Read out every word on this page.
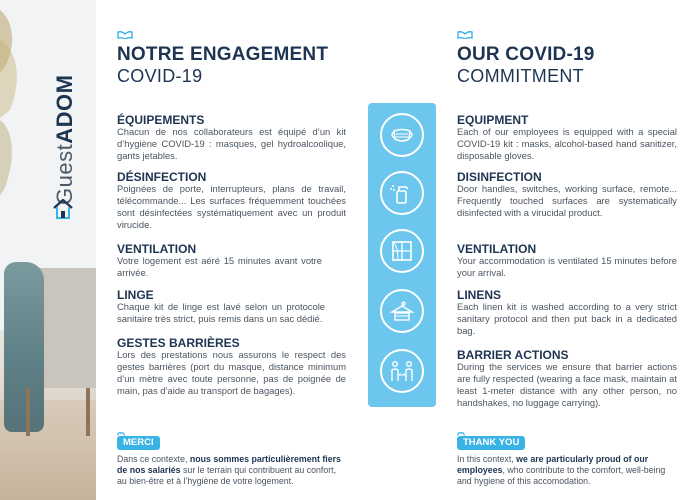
GuestADOM
NOTRE ENGAGEMENT
COVID-19
ÉQUIPEMENTS
Chacun de nos collaborateurs est équipé d’un kit d’hygiène COVID-19 : masques, gel hydroalcoolique, gants jetables.
DÉSINFECTION
Poignées de porte, interrupteurs, plans de travail, télécommande... Les surfaces fréquemment touchées sont désinfectées systématiquement avec un produit virucide.
VENTILATION
Votre logement est aéré 15 minutes avant votre arrivée.
LINGE
Chaque kit de linge est lavé selon un protocole sanitaire très strict, puis remis dans un sac dédié.
GESTES BARRIÈRES
Lors des prestations nous assurons le respect des gestes barrières (port du masque, distance minimum d’un mètre avec toute personne, pas de poignée de main, pas d’aide au transport de bagages).
MERCI
Dans ce contexte, nous sommes particulièrement fiers de nos salariés sur le terrain qui contribuent au confort, au bien-être et à l’hygiène de votre logement.
OUR COVID-19
COMMITMENT
EQUIPMENT
Each of our employees is equipped with a special COVID-19 kit : masks, alcohol-based hand sanitizer, disposable gloves.
DISINFECTION
Door handles, switches, working surface, remote... Frequently touched surfaces are systematically disinfected with a virucidal product.
VENTILATION
Your accommodation is ventilated 15 minutes before your arrival.
LINENS
Each linen kit is washed according to a very strict sanitary protocol and then put back in a dedicated bag.
BARRIER ACTIONS
During the services we ensure that barrier actions are fully respected (wearing a face mask, maintain at least 1-meter distance with any other person, no handshakes, no luggage carrying).
THANK YOU
In this context, we are particularly proud of our employees, who contribute to the comfort, well-being and hygiene of this accomodation.
